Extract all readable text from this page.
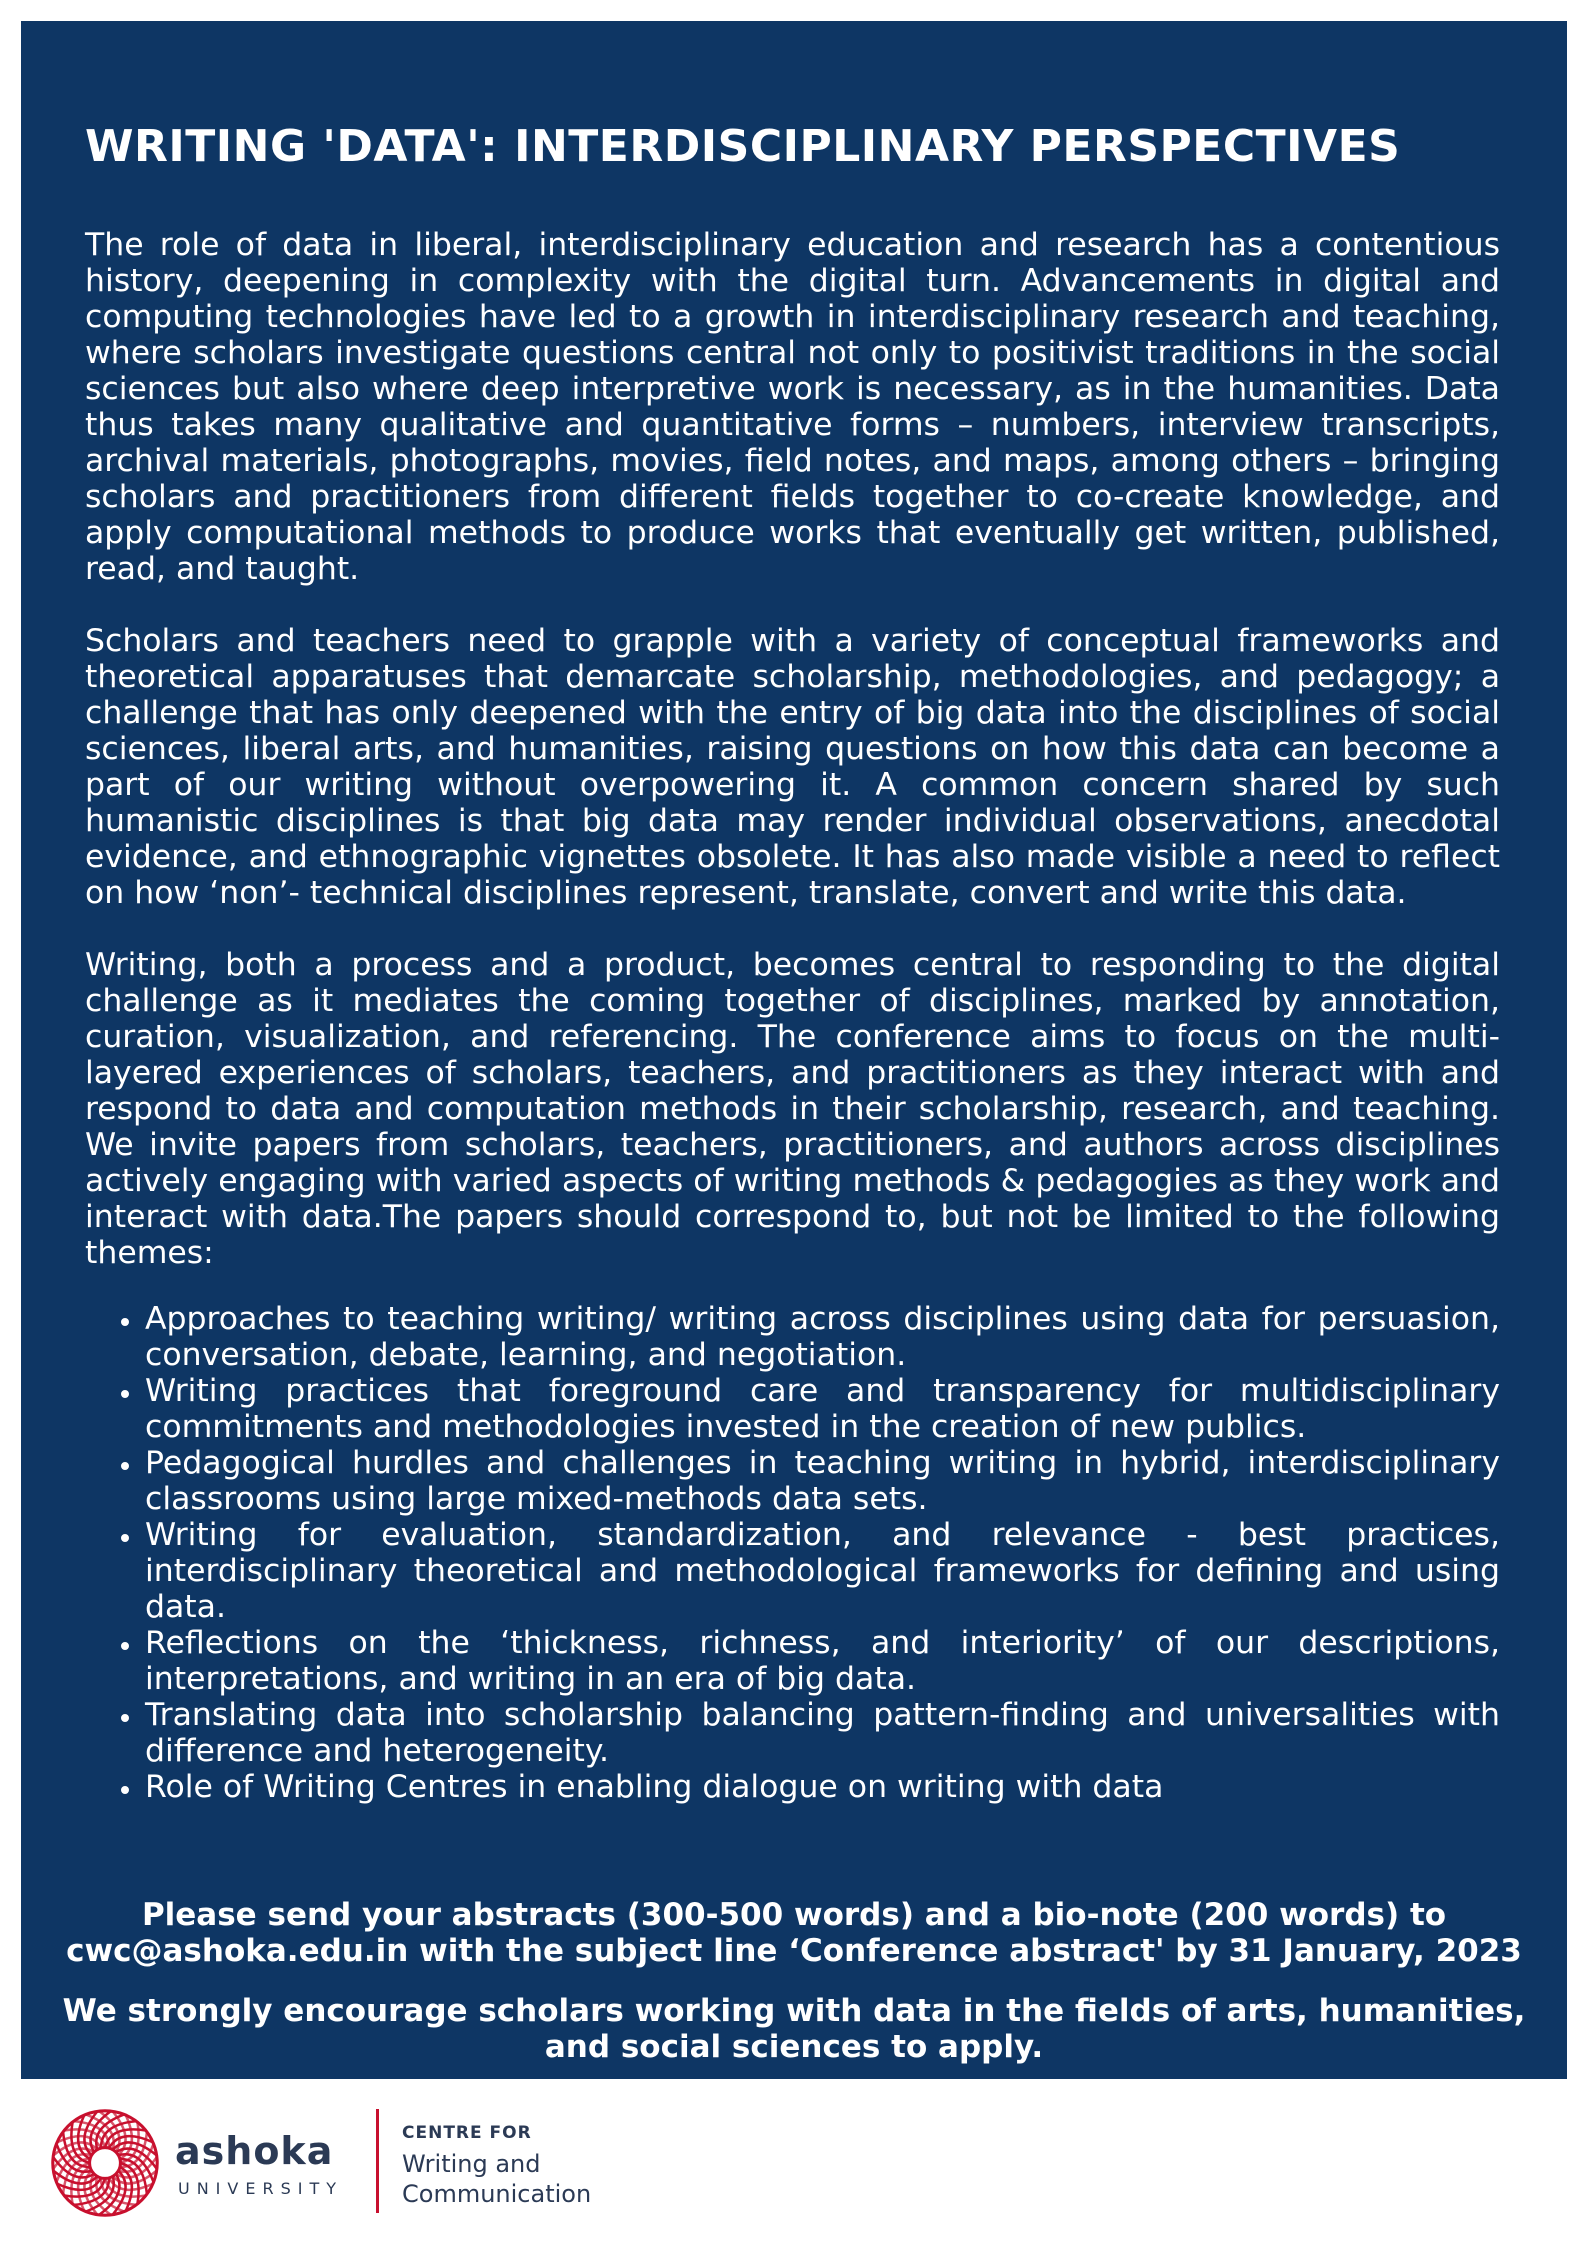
WRITING 'DATA': INTERDISCIPLINARY PERSPECTIVES

The role of data in liberal, interdisciplinary education and research has a contentious history, deepening in complexity with the digital turn. Advancements in digital and computing technologies have led to a growth in interdisciplinary research and teaching, where scholars investigate questions central not only to positivist traditions in the social sciences but also where deep interpretive work is necessary, as in the humanities. Data thus takes many qualitative and quantitative forms – numbers, interview transcripts, archival materials, photographs, movies, field notes, and maps, among others – bringing scholars and practitioners from different fields together to co-create knowledge, and apply computational methods to produce works that eventually get written, published, read, and taught.

Scholars and teachers need to grapple with a variety of conceptual frameworks and theoretical apparatuses that demarcate scholarship, methodologies, and pedagogy; a challenge that has only deepened with the entry of big data into the disciplines of social sciences, liberal arts, and humanities, raising questions on how this data can become a part of our writing without overpowering it. A common concern shared by such humanistic disciplines is that big data may render individual observations, anecdotal evidence, and ethnographic vignettes obsolete. It has also made visible a need to reflect on how ‘non’- technical disciplines represent, translate, convert and write this data.

Writing, both a process and a product, becomes central to responding to the digital challenge as it mediates the coming together of disciplines, marked by annotation, curation, visualization, and referencing. The conference aims to focus on the multi-layered experiences of scholars, teachers, and practitioners as they interact with and respond to data and computation methods in their scholarship, research, and teaching. We invite papers from scholars, teachers, practitioners, and authors across disciplines actively engaging with varied aspects of writing methods & pedagogies as they work and interact with data.The papers should correspond to, but not be limited to the following themes:

• Approaches to teaching writing/ writing across disciplines using data for persuasion, conversation, debate, learning, and negotiation.
• Writing practices that foreground care and transparency for multidisciplinary commitments and methodologies invested in the creation of new publics.
• Pedagogical hurdles and challenges in teaching writing in hybrid, interdisciplinary classrooms using large mixed-methods data sets.
• Writing for evaluation, standardization, and relevance - best practices, interdisciplinary theoretical and methodological frameworks for defining and using data.
• Reflections on the ‘thickness, richness, and interiority’ of our descriptions, interpretations, and writing in an era of big data.
• Translating data into scholarship balancing pattern-finding and universalities with difference and heterogeneity.
• Role of Writing Centres in enabling dialogue on writing with data
Please send your abstracts (300-500 words) and a bio-note (200 words) to
cwc@ashoka.edu.in with the subject line ‘Conference abstract' by 31 January, 2023
We strongly encourage scholars working with data in the fields of arts, humanities,
and social sciences to apply.
ashoka
UNIVERSITY
CENTRE FOR
Writing and
Communication
